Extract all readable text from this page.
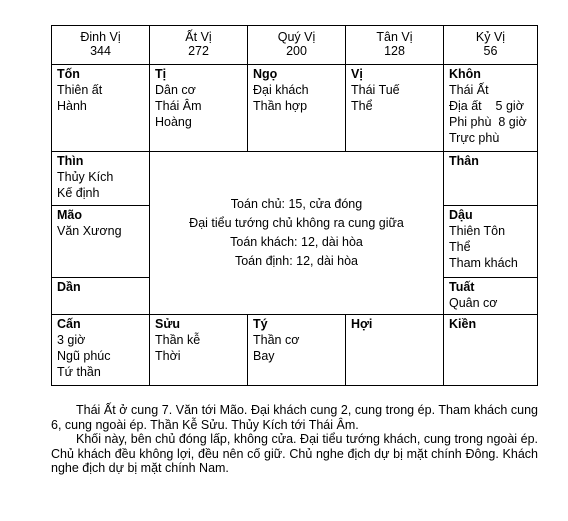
Đinh Vị
344
Ất Vị
272
Quý Vị
200
Tân Vị
128
Kỷ Vị
56
Tốn
Thiên ất
Hành
Tị
Dân cơ
Thái Âm
Hoàng
Ngọ
Đại khách
Thần hợp
Vị
Thái Tuế
Thể
Khôn
Thái Ất
Địa ất    5 giờ
Phi phù  8 giờ
Trực phù
Thìn
Thủy Kích
Kế định
Mão
Văn Xương
Dần
Toán chủ: 15, cửa đóng
Đại tiểu tướng chủ không ra cung giữa
Toán khách: 12, dài hòa
Toán định: 12, dài hòa
Thân
Dậu
Thiên Tôn
Thể
Tham khách
Tuất
Quân cơ
Cấn
3 giờ
Ngũ phúc
Tứ thần
Sửu
Thần kễ
Thời
Tý
Thần cơ
Bay
Hợi	Kiền

Thái Ất ở cung 7. Văn tới Mão. Đại khách cung 2, cung trong ép. Tham khách cung 6, cung ngoài ép. Thần Kễ Sửu. Thủy Kích tới Thái Âm.

Khối này, bên chủ đóng lấp, không cửa. Đại tiểu tướng khách, cung trong ngoài ép. Chủ khách đều không lợi, đều nên cố giữ. Chủ nghe địch dự bị mặt chính Đông. Khách nghe địch dự bị mặt chính Nam.
